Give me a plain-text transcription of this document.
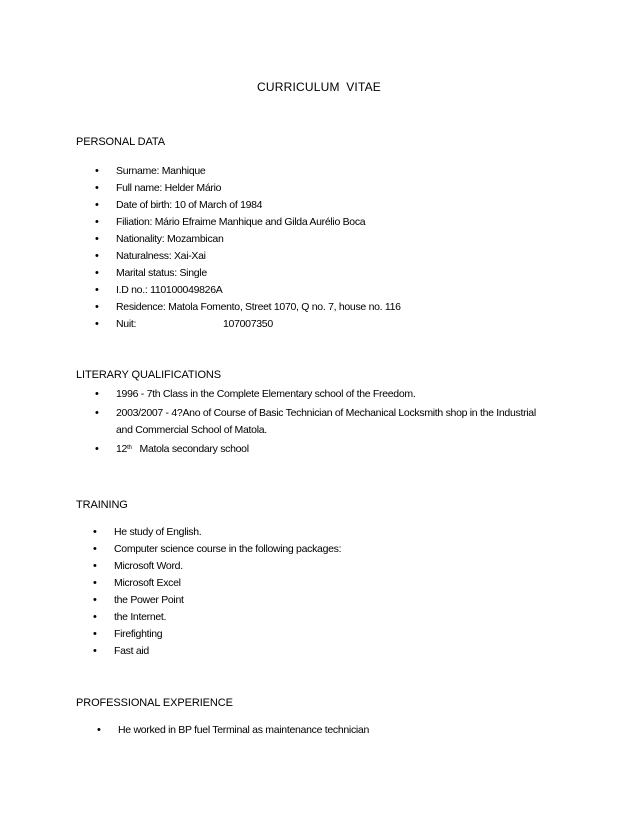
CURRICULUM VITAE
PERSONAL DATA
• Surname: Manhique
• Full name: Helder Mário
• Date of birth: 10 of March of 1984
• Filiation: Mário Efraime Manhique and Gilda Aurélio Boca
• Nationality: Mozambican
• Naturalness: Xai-Xai
• Marital status: Single
• I.D no.: 110100049826A
• Residence: Matola Fomento, Street 1070, Q no. 7, house no. 116
• Nuit:	107007350
LITERARY QUALIFICATIONS
• 1996 - 7th Class in the Complete Elementary school of the Freedom.
• 2003/2007 - 4?Ano of Course of Basic Technician of Mechanical Locksmith shop in the Industrial
and Commercial School of Matola.
• 12th Matola secondary school
TRAINING
• He study of English.
• Computer science course in the following packages:
• Microsoft Word.
• Microsoft Excel
• the Power Point
• the Internet.
• Firefighting
• Fast aid
PROFESSIONAL EXPERIENCE
• He worked in BP fuel Terminal as maintenance technician
